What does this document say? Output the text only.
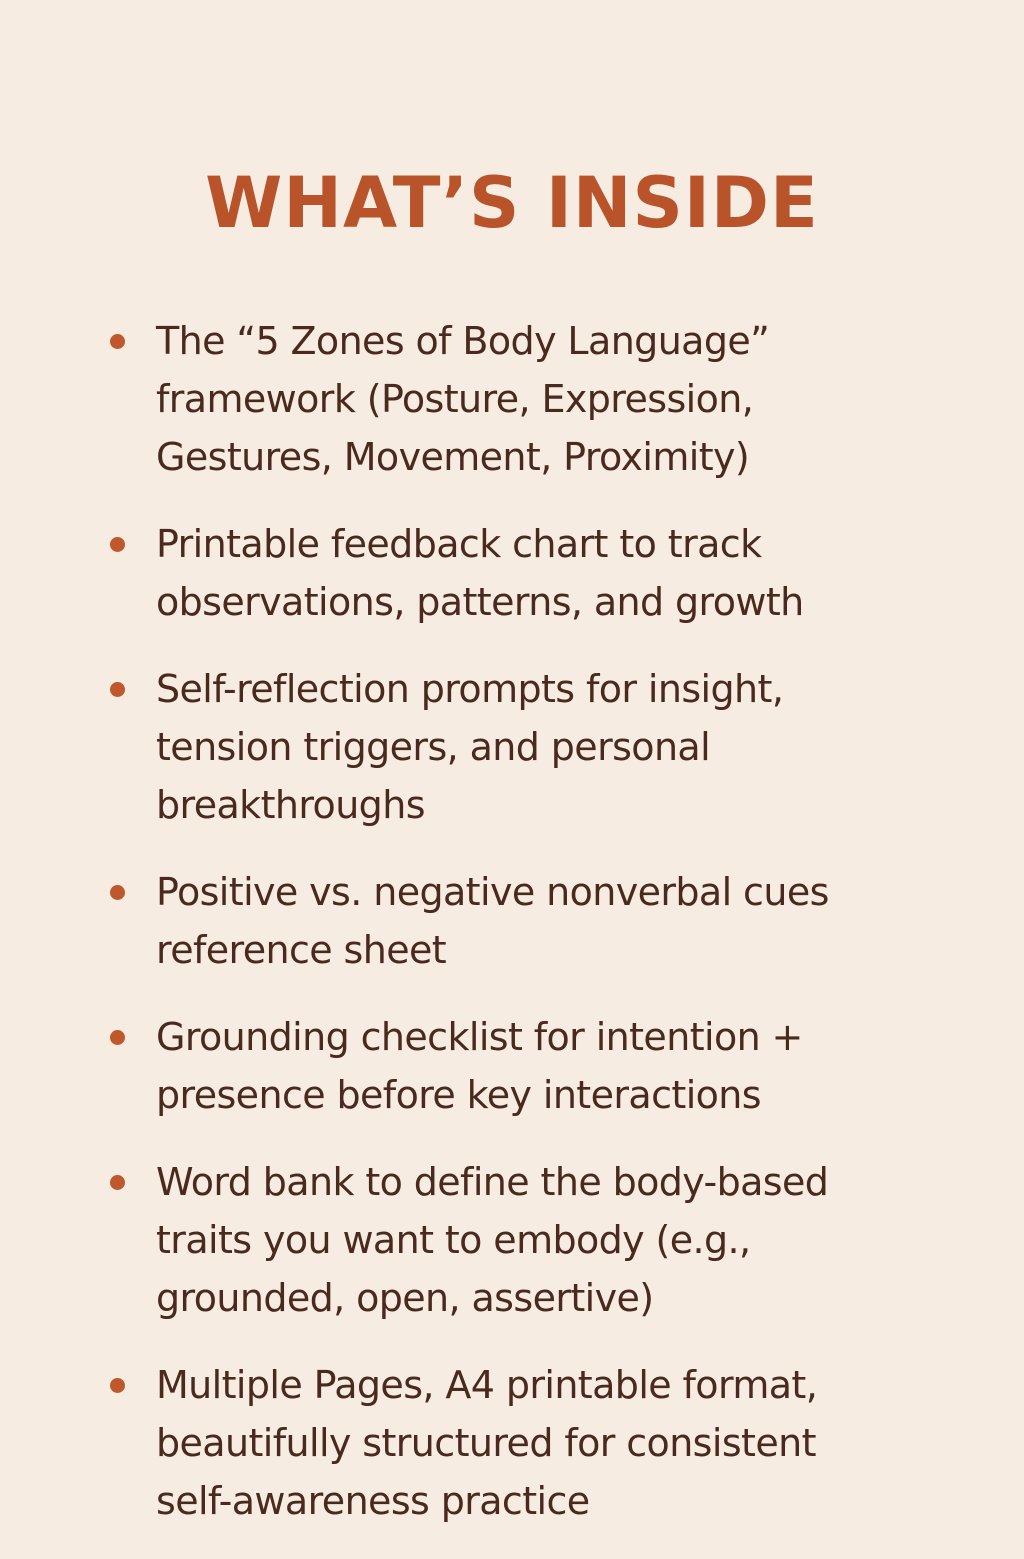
WHAT’S INSIDE
The “5 Zones of Body Language”
framework (Posture, Expression,
Gestures, Movement, Proximity)
Printable feedback chart to track
observations, patterns, and growth
Self-reflection prompts for insight,
tension triggers, and personal
breakthroughs
Positive vs. negative nonverbal cues
reference sheet
Grounding checklist for intention +
presence before key interactions
Word bank to define the body-based
traits you want to embody (e.g.,
grounded, open, assertive)
Multiple Pages, A4 printable format,
beautifully structured for consistent
self-awareness practice
